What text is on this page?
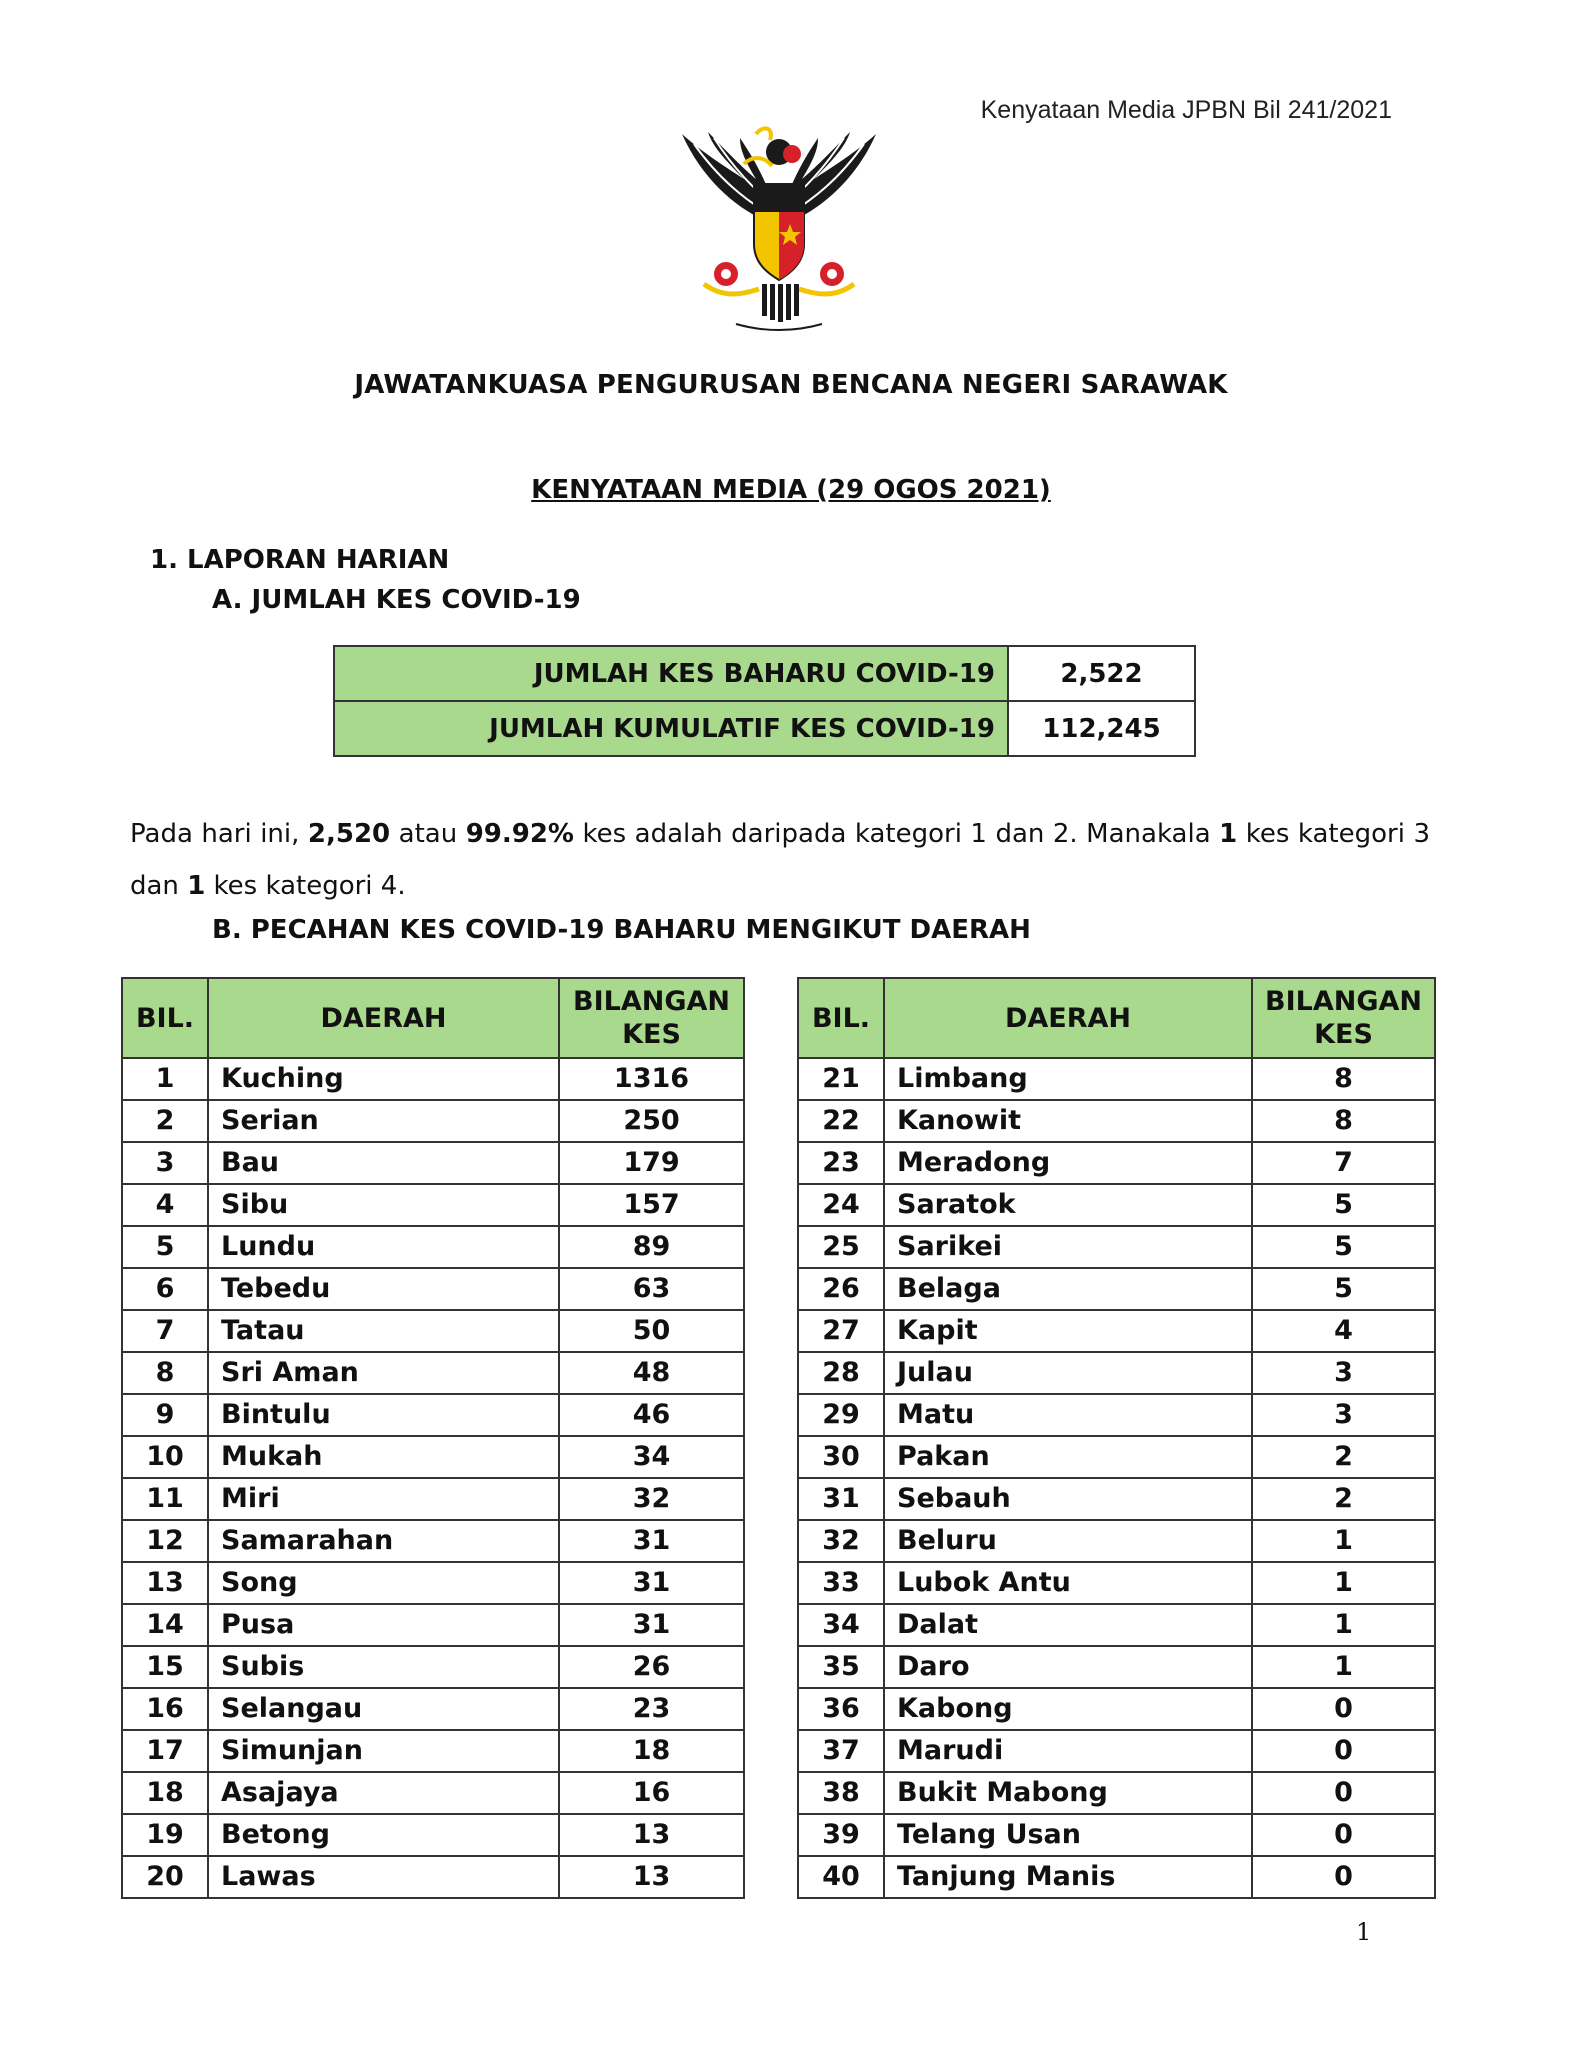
Kenyataan Media JPBN Bil 241/2021
JAWATANKUASA PENGURUSAN BENCANA NEGERI SARAWAK
KENYATAAN MEDIA (29 OGOS 2021)
1. LAPORAN HARIAN
A. JUMLAH KES COVID-19
JUMLAH KES BAHARU COVID-19	2,522
JUMLAH KUMULATIF KES COVID-19	112,245
Pada hari ini, 2,520 atau 99.92% kes adalah daripada kategori 1 dan 2. Manakala 1 kes kategori 3 dan 1 kes kategori 4.
B. PECAHAN KES COVID-19 BAHARU MENGIKUT DAERAH
BIL.	DAERAH	BILANGAN
KES
1	Kuching	1316
2	Serian	250
3	Bau	179
4	Sibu	157
5	Lundu	89
6	Tebedu	63
7	Tatau	50
8	Sri Aman	48
9	Bintulu	46
10	Mukah	34
11	Miri	32
12	Samarahan	31
13	Song	31
14	Pusa	31
15	Subis	26
16	Selangau	23
17	Simunjan	18
18	Asajaya	16
19	Betong	13
20	Lawas	13
BIL.	DAERAH	BILANGAN
KES
21	Limbang	8
22	Kanowit	8
23	Meradong	7
24	Saratok	5
25	Sarikei	5
26	Belaga	5
27	Kapit	4
28	Julau	3
29	Matu	3
30	Pakan	2
31	Sebauh	2
32	Beluru	1
33	Lubok Antu	1
34	Dalat	1
35	Daro	1
36	Kabong	0
37	Marudi	0
38	Bukit Mabong	0
39	Telang Usan	0
40	Tanjung Manis	0
1
